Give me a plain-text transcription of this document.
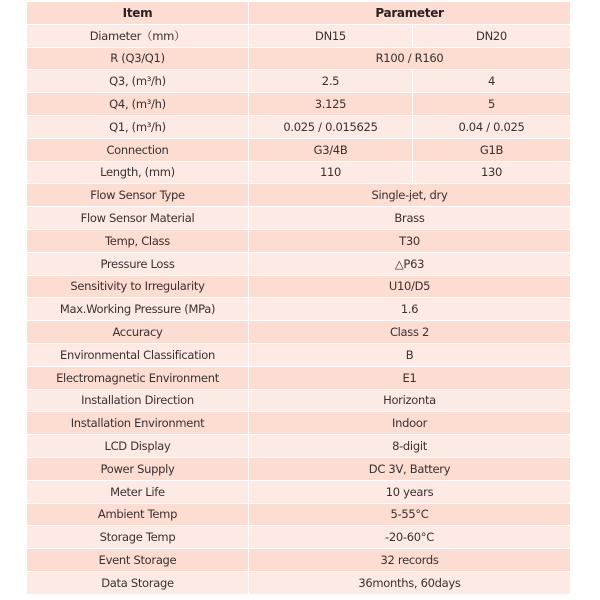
Item	Parameter	
Diameter（mm）	DN15	DN20
R (Q3/Q1)	R100 / R160	
Q3, (m³/h)	2.5	4
Q4, (m³/h)	3.125	5
Q1, (m³/h)	0.025 / 0.015625	0.04 / 0.025
Connection	G3/4B	G1B
Length, (mm)	110	130
Flow Sensor Type	Single-jet, dry	
Flow Sensor Material	Brass	
Temp, Class	T30	
Pressure Loss	△P63	
Sensitivity to Irregularity	U10/D5	
Max.Working Pressure (MPa)	1.6	
Accuracy	Class 2	
Environmental Classification	B	
Electromagnetic Environment	E1	
Installation Direction	Horizonta	
Installation Environment	Indoor	
LCD Display	8-digit	
Power Supply	DC 3V, Battery	
Meter Life	10 years	
Ambient Temp	5-55°C	
Storage Temp	-20-60°C	
Event Storage	32 records	
Data Storage	36months, 60days	
